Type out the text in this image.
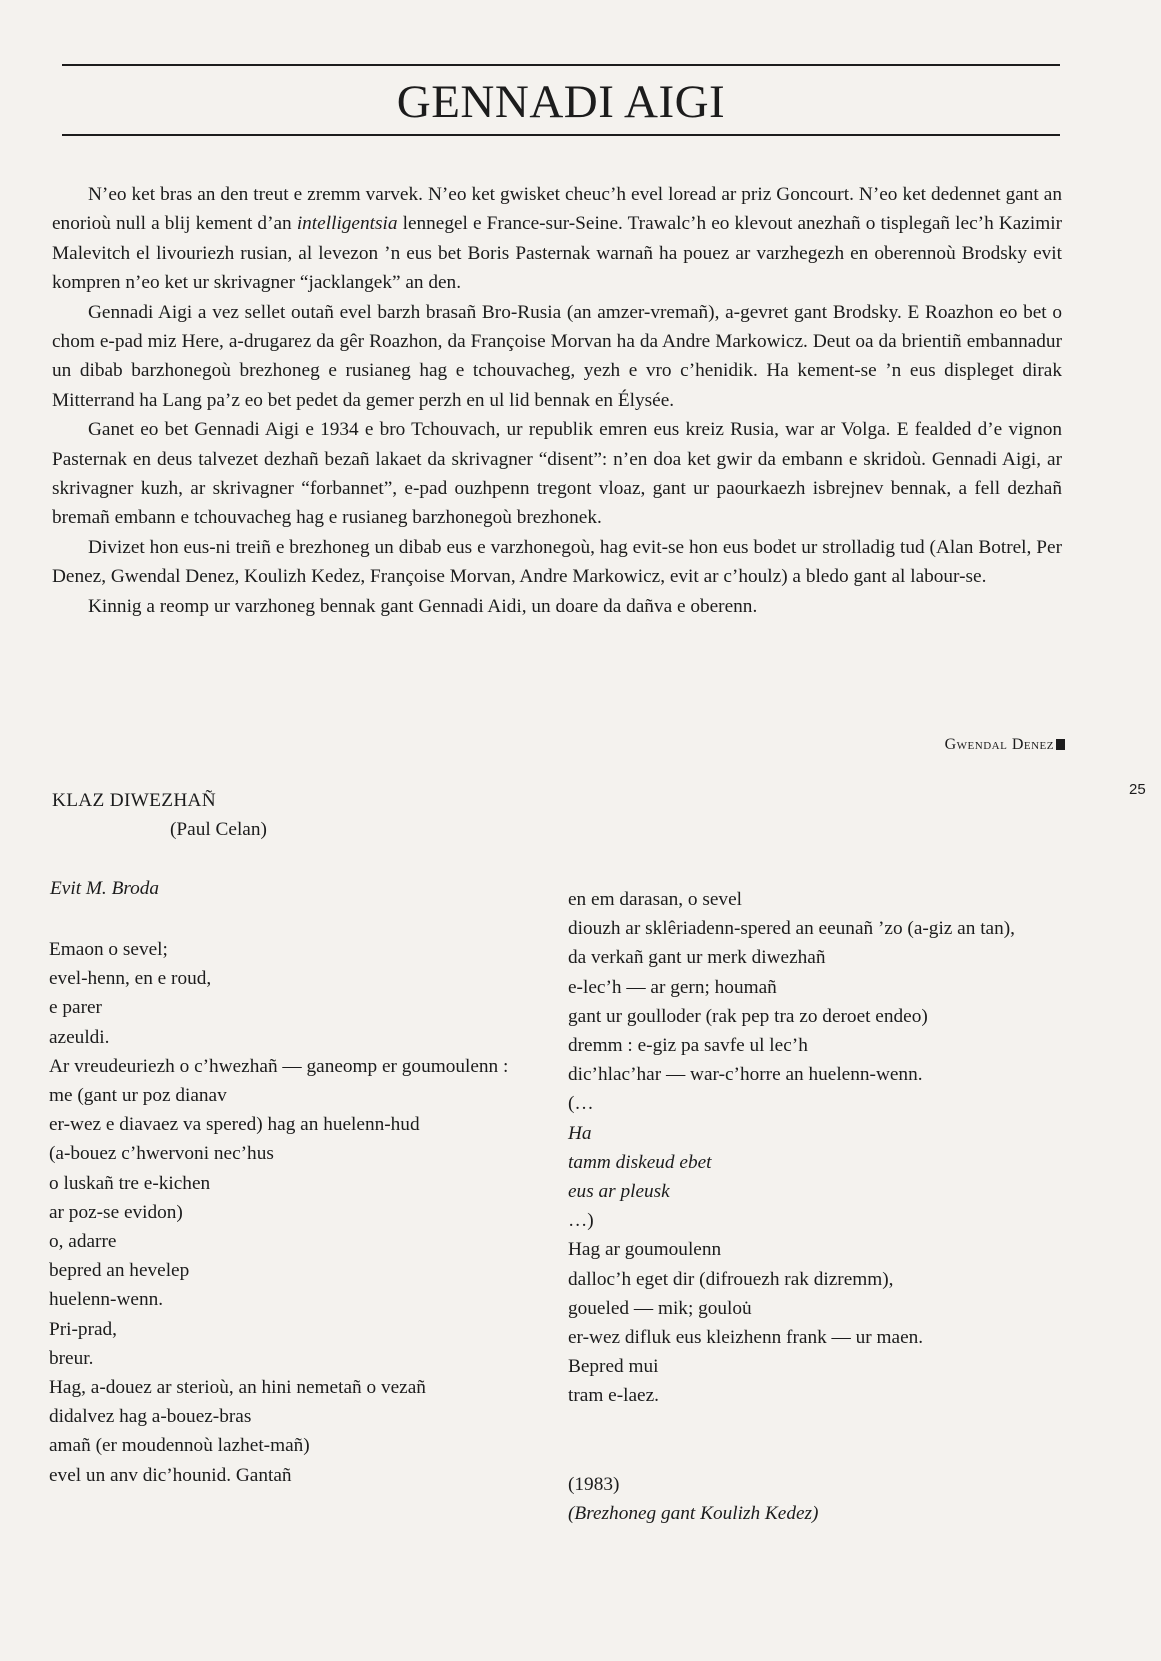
GENNADI AIGI

N’eo ket bras an den treut e zremm varvek. N’eo ket gwisket cheuc’h evel loread ar priz Goncourt. N’eo ket dedennet gant an enorioù null a blij kement d’an intelligentsia lennegel e France-sur-Seine. Trawalc’h eo klevout anezhañ o tisplegañ lec’h Kazimir Malevitch el livouriezh rusian, al levezon ’n eus bet Boris Pasternak warnañ ha pouez ar varzhegezh en oberennoù Brodsky evit kompren n’eo ket ur skrivagner “jacklangek” an den.

Gennadi Aigi a vez sellet outañ evel barzh brasañ Bro-Rusia (an amzer-vremañ), a-gevret gant Brodsky. E Roazhon eo bet o chom e-pad miz Here, a-drugarez da gêr Roazhon, da Françoise Morvan ha da Andre Markowicz. Deut oa da brientiñ embannadur un dibab barzhonegoù brezhoneg e rusianeg hag e tchouvacheg, yezh e vro c’henidik. Ha kement-se ’n eus displeget dirak Mitterrand ha Lang pa’z eo bet pedet da gemer perzh en ul lid bennak en Élysée.

Ganet eo bet Gennadi Aigi e 1934 e bro Tchouvach, ur republik emren eus kreiz Rusia, war ar Volga. E fealded d’e vignon Pasternak en deus talvezet dezhañ bezañ lakaet da skrivagner “disent”: n’en doa ket gwir da embann e skridoù. Gennadi Aigi, ar skrivagner kuzh, ar skrivagner “forbannet”, e-pad ouzhpenn tregont vloaz, gant ur paourkaezh isbrejnev bennak, a fell dezhañ bremañ embann e tchouvacheg hag e rusianeg barzhonegoù brezhonek.

Divizet hon eus-ni treiñ e brezhoneg un dibab eus e varzhonegoù, hag evit-se hon eus bodet ur strolladig tud (Alan Botrel, Per Denez, Gwendal Denez, Koulizh Kedez, Françoise Morvan, Andre Markowicz, evit ar c’houlz) a bledo gant al labour-se.

Kinnig a reomp ur varzhoneg bennak gant Gennadi Aidi, un doare da dañva e oberenn.

Gwendal Denez
25
KLAZ DIWEZHAÑ
(Paul Celan)
Evit M. Broda
Emaon o sevel;
evel-henn, en e roud,
e parer
azeuldi.
Ar vreudeuriezh o c’hwezhañ — ganeomp er goumoulenn :
me (gant ur poz dianav
er-wez e diavaez va spered) hag an huelenn-hud
(a-bouez c’hwervoni nec’hus
o luskañ tre e-kichen
ar poz-se evidon)
o, adarre
bepred an hevelep
huelenn-wenn.
Pri-prad,
breur.
Hag, a-douez ar sterioù, an hini nemetañ o vezañ
didalvez hag a-bouez-bras
amañ (er moudennoù lazhet-mañ)
evel un anv dic’hounid. Gantañ
en em darasan, o sevel
diouzh ar sklêriadenn-spered an eeunañ ’zo (a-giz an tan),
da verkañ gant ur merk diwezhañ
e-lec’h — ar gern; houmañ
gant ur goulloder (rak pep tra zo deroet endeo)
dremm : e-giz pa savfe ul lec’h
dic’hlac’har — war-c’horre an huelenn-wenn.
(…
Ha
tamm diskeud ebet
eus ar pleusk
…)
Hag ar goumoulenn
dalloc’h eget dir (difrouezh rak dizremm),
goueled — mik; goulou̇
er-wez difluk eus kleizhenn frank — ur maen.
Bepred mui
tram e-laez.
(1983)
(Brezhoneg gant Koulizh Kedez)
